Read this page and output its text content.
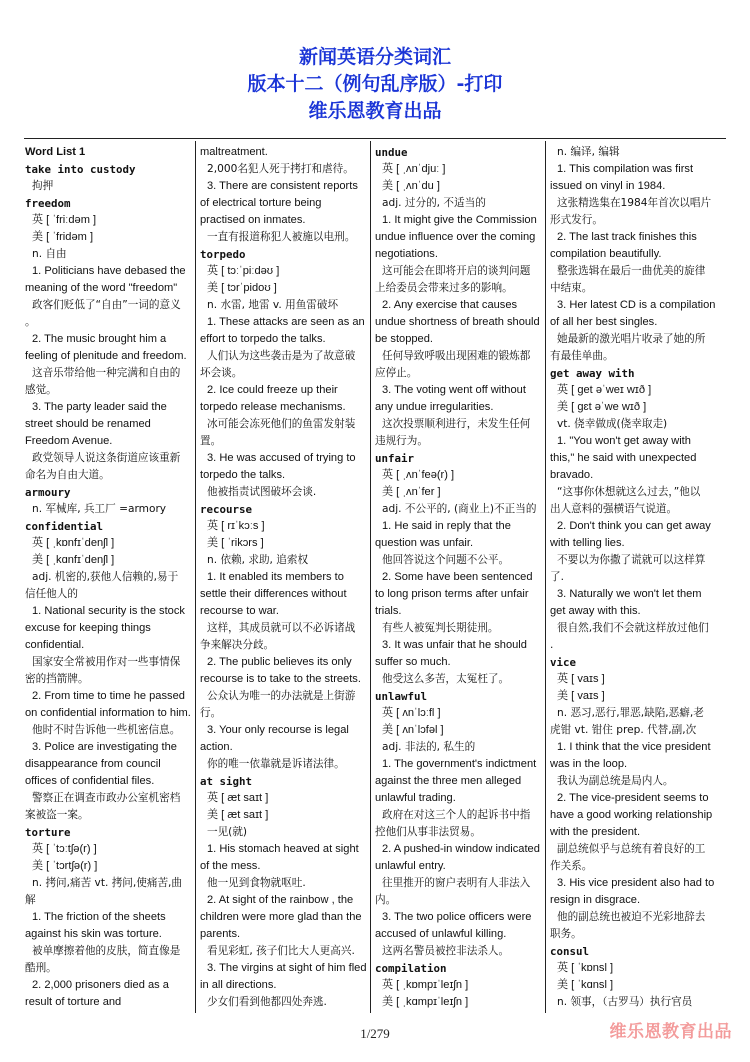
新闻英语分类词汇
版本十二（例句乱序版）-打印
维乐恩教育出品
Word List 1
take into custody
拘押
freedom
英 [ ˈfriːdəm ]
美 [ ˈfridəm ]
n. 自由
1. Politicians have debased the
meaning of the word "freedom"
政客们贬低了“自由”一词的意义
。
2. The music brought him a
feeling of plenitude and freedom.
这音乐带给他一种完满和自由的
感觉。
3. The party leader said the
street should be renamed
Freedom Avenue.
政党领导人说这条街道应该重新
命名为自由大道。
armoury
n. 军械库, 兵工厂 =armory
confidential
英 [ ˌkɒnfɪˈdenʃl ]
美 [ ˌkɑnfɪˈdenʃl ]
adj. 机密的,获他人信赖的,易于
信任他人的
1. National security is the stock
excuse for keeping things
confidential.
国家安全常被用作对一些事情保
密的挡箭牌。
2. From time to time he passed
on confidential information to him.
他时不时告诉他一些机密信息。
3. Police are investigating the
disappearance from council
offices of confidential files.
警察正在调查市政办公室机密档
案被盗一案。
torture
英 [ ˈtɔːtʃə(r) ]
美 [ ˈtɔrtʃə(r) ]
n. 拷问,痛苦 vt. 拷问,使痛苦,曲
解
1. The friction of the sheets
against his skin was torture.
被单摩擦着他的皮肤，简直像是
酷刑。
2. 2,000 prisoners died as a
result of torture and
maltreatment.
2,000名犯人死于拷打和虐待。
3. There are consistent reports
of electrical torture being
practised on inmates.
一直有报道称犯人被施以电刑。
torpedo
英 [ tɔːˈpiːdəʊ ]
美 [ tɔrˈpidoʊ ]
n. 水雷, 地雷 v. 用鱼雷破坏
1. These attacks are seen as an
effort to torpedo the talks.
人们认为这些袭击是为了故意破
坏会谈。
2. Ice could freeze up their
torpedo release mechanisms.
冰可能会冻死他们的鱼雷发射装
置。
3. He was accused of trying to
torpedo the talks.
他被指责试图破坏会谈.
recourse
英 [ rɪˈkɔːs ]
美 [ ˈrikɔrs ]
n. 依赖, 求助, 追索权
1. It enabled its members to
settle their differences without
recourse to war.
这样，其成员就可以不必诉诸战
争来解决分歧。
2. The public believes its only
recourse is to take to the streets.
公众认为唯一的办法就是上街游
行。
3. Your only recourse is legal
action.
你的唯一依靠就是诉诸法律。
at sight
英 [ æt saɪt ]
美 [ æt saɪt ]
一见(就)
1. His stomach heaved at sight
of the mess.
他一见到食物就呕吐.
2. At sight of the rainbow , the
children were more glad than the
parents.
看见彩虹, 孩子们比大人更高兴.
3. The virgins at sight of him fled
in all directions.
少女们看到他都四处奔逃.
undue
英 [ ˌʌnˈdjuː ]
美 [ ˌʌnˈdu ]
adj. 过分的, 不适当的
1. It might give the Commission
undue influence over the coming
negotiations.
这可能会在即将开启的谈判问题
上给委员会带来过多的影响。
2. Any exercise that causes
undue shortness of breath should
be stopped.
任何导致呼吸出现困难的锻炼都
应停止。
3. The voting went off without
any undue irregularities.
这次投票顺利进行，未发生任何
违规行为。
unfair
英 [ ˌʌnˈfeə(r) ]
美 [ ˌʌnˈfer ]
adj. 不公平的, (商业上)不正当的
1. He said in reply that the
question was unfair.
他回答说这个问题不公平。
2. Some have been sentenced
to long prison terms after unfair
trials.
有些人被冤判长期徒刑。
3. It was unfair that he should
suffer so much.
他受这么多苦，太冤枉了。
unlawful
英 [ ʌnˈlɔːfl ]
美 [ ʌnˈlɔfəl ]
adj. 非法的, 私生的
1. The government's indictment
against the three men alleged
unlawful trading.
政府在对这三个人的起诉书中指
控他们从事非法贸易。
2. A pushed-in window indicated
unlawful entry.
往里推开的窗户表明有人非法入
内。
3. The two police officers were
accused of unlawful killing.
这两名警员被控非法杀人。
compilation
英 [ ˌkɒmpɪˈleɪʃn ]
美 [ ˌkɑmpɪˈleɪʃn ]
n. 编译, 编辑
1. This compilation was first
issued on vinyl in 1984.
这张精选集在1984年首次以唱片
形式发行。
2. The last track finishes this
compilation beautifully.
整张选辑在最后一曲优美的旋律
中结束。
3. Her latest CD is a compilation
of all her best singles.
她最新的激光唱片收录了她的所
有最佳单曲。
get away with
英 [ get əˈweɪ wɪð ]
美 [ ɡɛt əˈwe wɪð ]
vt. 侥幸做成(侥幸取走)
1. "You won't get away with
this," he said with unexpected
bravado.
“这事你休想就这么过去，”他以
出人意料的强横语气说道。
2. Don't think you can get away
with telling lies.
不要以为你撒了谎就可以这样算
了.
3. Naturally we won't let them
get away with this.
很自然,我们不会就这样放过他们
.
vice
英 [ vaɪs ]
美 [ vaɪs ]
n. 恶习,恶行,罪恶,缺陷,恶癖,老
虎钳 vt. 钳住 prep. 代替,副,次
1. I think that the vice president
was in the loop.
我认为副总统是局内人。
2. The vice-president seems to
have a good working relationship
with the president.
副总统似乎与总统有着良好的工
作关系。
3. His vice president also had to
resign in disgrace.
他的副总统也被迫不光彩地辞去
职务。
consul
英 [ ˈkɒnsl ]
美 [ ˈkɑnsl ]
n. 领事，（古罗马）执行官员
1/279	维乐恩教育出品
